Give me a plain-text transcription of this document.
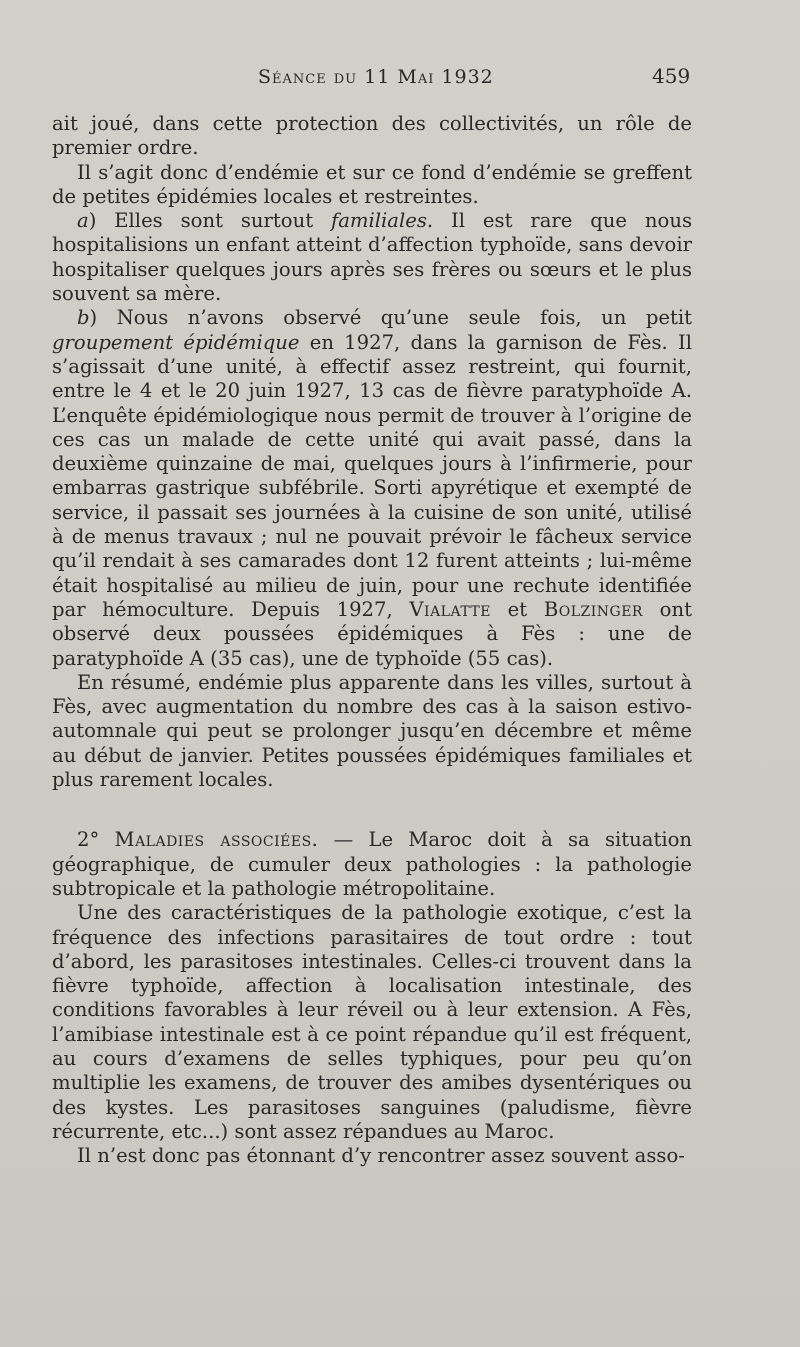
Séance du 11 Mai 1932	459

ait joué, dans cette protection des collectivités, un rôle de premier ordre.

Il s’agit donc d’endémie et sur ce fond d’endémie se greffent de petites épidémies locales et restreintes.

a) Elles sont surtout familiales. Il est rare que nous hospitalisions un enfant atteint d’affection typhoïde, sans devoir hospitaliser quelques jours après ses frères ou sœurs et le plus souvent sa mère.

b) Nous n’avons observé qu’une seule fois, un petit groupement épidémique en 1927, dans la garnison de Fès. Il s’agissait d’une unité, à effectif assez restreint, qui fournit, entre le 4 et le 20 juin 1927, 13 cas de fièvre paratyphoïde A. L’enquête épidémiologique nous permit de trouver à l’origine de ces cas un malade de cette unité qui avait passé, dans la deuxième quinzaine de mai, quelques jours à l’infirmerie, pour embarras gastrique subfébrile. Sorti apyrétique et exempté de service, il passait ses journées à la cuisine de son unité, utilisé à de menus travaux ; nul ne pouvait prévoir le fâcheux service qu’il rendait à ses camarades dont 12 furent atteints ; lui-même était hospitalisé au milieu de juin, pour une rechute identifiée par hémoculture. Depuis 1927, Vialatte et Bolzinger ont observé deux poussées épidémiques à Fès : une de paratyphoïde A (35 cas), une de typhoïde (55 cas).

En résumé, endémie plus apparente dans les villes, surtout à Fès, avec augmentation du nombre des cas à la saison estivo-automnale qui peut se prolonger jusqu’en décembre et même au début de janvier. Petites poussées épidémiques familiales et plus rarement locales.

2° Maladies associées. — Le Maroc doit à sa situation géographique, de cumuler deux pathologies : la pathologie subtropicale et la pathologie métropolitaine.

Une des caractéristiques de la pathologie exotique, c’est la fréquence des infections parasitaires de tout ordre : tout d’abord, les parasitoses intestinales. Celles-ci trouvent dans la fièvre typhoïde, affection à localisation intestinale, des conditions favorables à leur réveil ou à leur extension. A Fès, l’amibiase intestinale est à ce point répandue qu’il est fréquent, au cours d’examens de selles typhiques, pour peu qu’on multiplie les examens, de trouver des amibes dysentériques ou des kystes. Les parasitoses sanguines (paludisme, fièvre récurrente, etc...) sont assez répandues au Maroc.

Il n’est donc pas étonnant d’y rencontrer assez souvent asso-
